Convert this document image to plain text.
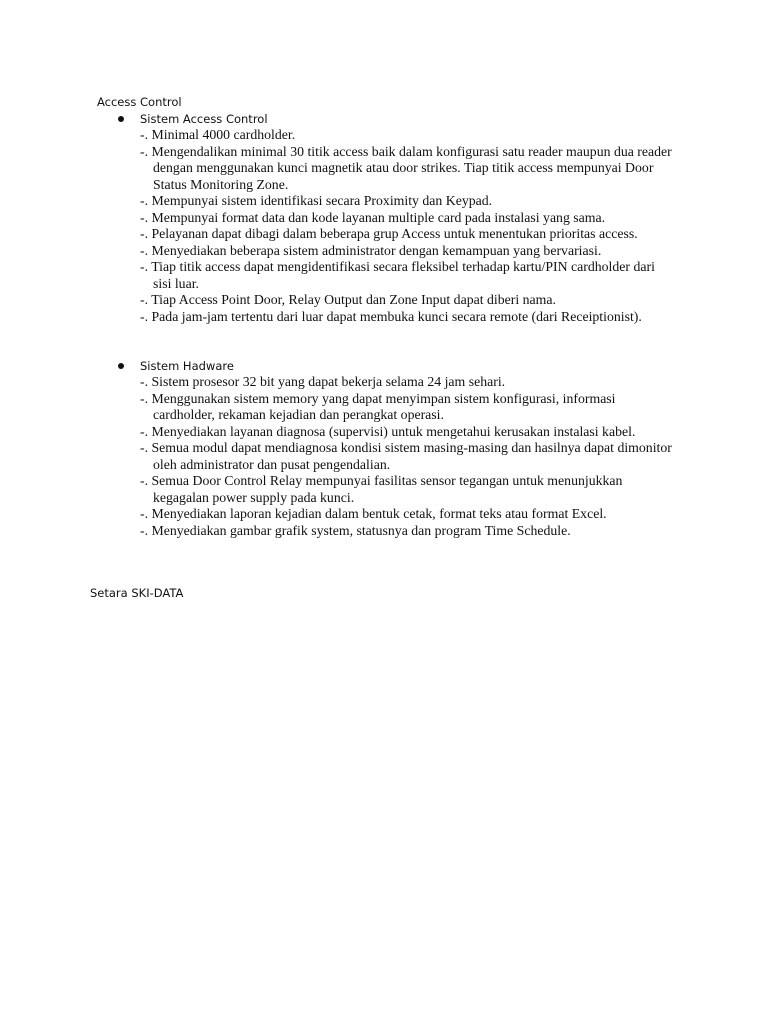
Access Control
Sistem Access Control
-. Minimal 4000 cardholder.
-. Mengendalikan minimal 30 titik access baik dalam konfigurasi satu reader maupun dua reader dengan menggunakan kunci magnetik atau door strikes. Tiap titik access mempunyai Door Status Monitoring Zone.
-. Mempunyai sistem identifikasi secara Proximity dan Keypad.
-. Mempunyai format data dan kode layanan multiple card pada instalasi yang sama.
-. Pelayanan dapat dibagi dalam beberapa grup Access untuk menentukan prioritas access.
-. Menyediakan beberapa sistem administrator dengan kemampuan yang bervariasi.
-. Tiap titik access dapat mengidentifikasi secara fleksibel terhadap kartu/PIN cardholder dari sisi luar.
-. Tiap Access Point Door, Relay Output dan Zone Input dapat diberi nama.
-. Pada jam-jam tertentu dari luar dapat membuka kunci secara remote (dari Receiptionist).
Sistem Hadware
-. Sistem prosesor 32 bit yang dapat bekerja selama 24 jam sehari.
-. Menggunakan sistem memory yang dapat menyimpan sistem konfigurasi, informasi cardholder, rekaman kejadian dan perangkat operasi.
-. Menyediakan layanan diagnosa (supervisi) untuk mengetahui kerusakan instalasi kabel.
-. Semua modul dapat mendiagnosa kondisi sistem masing-masing dan hasilnya dapat dimonitor oleh administrator dan pusat pengendalian.
-. Semua Door Control Relay mempunyai fasilitas sensor tegangan untuk menunjukkan kegagalan power supply pada kunci.
-. Menyediakan laporan kejadian dalam bentuk cetak, format teks atau format Excel.
-. Menyediakan gambar grafik system, statusnya dan program Time Schedule.
Setara SKI-DATA
